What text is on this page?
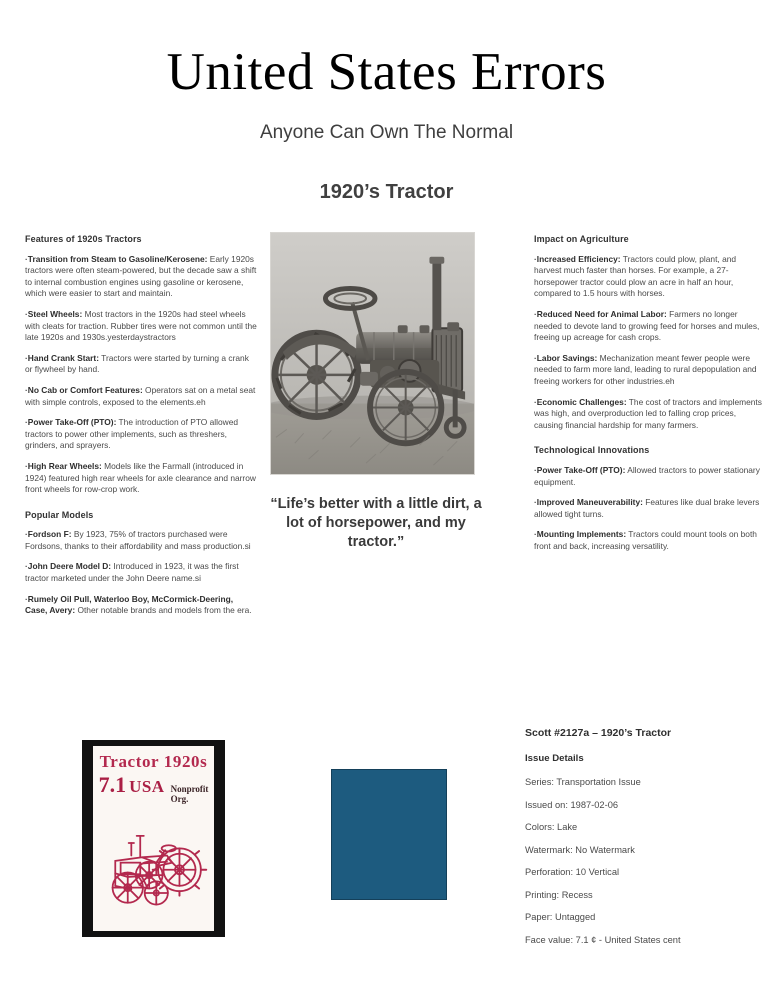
United States Errors
Anyone Can Own The Normal
1920’s Tractor
Features of 1920s Tractors

·Transition from Steam to Gasoline/Kerosene: Early 1920s tractors were often steam-powered, but the decade saw a shift to internal combustion engines using gasoline or kerosene, which were easier to start and maintain.

·Steel Wheels: Most tractors in the 1920s had steel wheels with cleats for traction. Rubber tires were not common until the late 1920s and 1930s.yesterdaystractors

·Hand Crank Start: Tractors were started by turning a crank or flywheel by hand.

·No Cab or Comfort Features: Operators sat on a metal seat with simple controls, exposed to the elements.eh

·Power Take-Off (PTO): The introduction of PTO allowed tractors to power other implements, such as threshers, grinders, and sprayers.

·High Rear Wheels: Models like the Farmall (introduced in 1924) featured high rear wheels for axle clearance and narrow front wheels for row-crop work.

Popular Models

·Fordson F: By 1923, 75% of tractors purchased were Fordsons, thanks to their affordability and mass production.si

·John Deere Model D: Introduced in 1923, it was the first tractor marketed under the John Deere name.si

·Rumely Oil Pull, Waterloo Boy, McCormick-Deering, Case, Avery: Other notable brands and models from the era.

Impact on Agriculture

·Increased Efficiency: Tractors could plow, plant, and harvest much faster than horses. For example, a 27-horsepower tractor could plow an acre in half an hour, compared to 1.5 hours with horses.

·Reduced Need for Animal Labor: Farmers no longer needed to devote land to growing feed for horses and mules, freeing up acreage for cash crops.

·Labor Savings: Mechanization meant fewer people were needed to farm more land, leading to rural depopulation and freeing workers for other industries.eh

·Economic Challenges: The cost of tractors and implements was high, and overproduction led to falling crop prices, causing financial hardship for many farmers.

Technological Innovations

·Power Take-Off (PTO): Allowed tractors to power stationary equipment.

·Improved Maneuverability: Features like dual brake levers allowed tight turns.

·Mounting Implements: Tractors could mount tools on both front and back, increasing versatility.

“Life’s better with a little dirt, a lot of horsepower, and my tractor.”
Tractor 1920s
7.1 USA Nonprofit
Org.
Scott #2127a – 1920’s Tractor
Issue Details
Series: Transportation Issue
Issued on: 1987-02-06
Colors: Lake
Watermark: No Watermark
Perforation: 10 Vertical
Printing: Recess
Paper: Untagged
Face value: 7.1 ¢ - United States cent
